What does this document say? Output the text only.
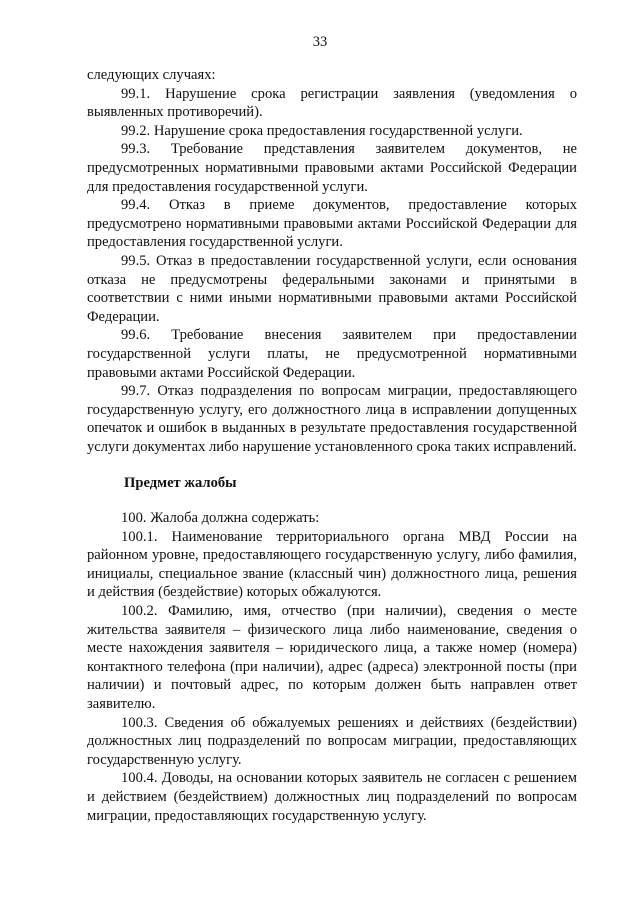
33

следующих случаях:

99.1. Нарушение срока регистрации заявления (уведомления о выявленных противоречий).

99.2. Нарушение срока предоставления государственной услуги.

99.3. Требование представления заявителем документов, не предусмотренных нормативными правовыми актами Российской Федерации для предоставления государственной услуги.

99.4. Отказ в приеме документов, предоставление которых предусмотрено нормативными правовыми актами Российской Федерации для предоставления государственной услуги.

99.5. Отказ в предоставлении государственной услуги, если основания отказа не предусмотрены федеральными законами и принятыми в соответствии с ними иными нормативными правовыми актами Российской Федерации.

99.6. Требование внесения заявителем при предоставлении государственной услуги платы, не предусмотренной нормативными правовыми актами Российской Федерации.

99.7. Отказ подразделения по вопросам миграции, предоставляющего государственную услугу, его должностного лица в исправлении допущенных опечаток и ошибок в выданных в результате предоставления государственной услуги документах либо нарушение установленного срока таких исправлений.

Предмет жалобы

100. Жалоба должна содержать:

100.1. Наименование территориального органа МВД России на районном уровне, предоставляющего государственную услугу, либо фамилия, инициалы, специальное звание (классный чин) должностного лица, решения и действия (бездействие) которых обжалуются.

100.2. Фамилию, имя, отчество (при наличии), сведения о месте жительства заявителя – физического лица либо наименование, сведения о месте нахождения заявителя – юридического лица, а также номер (номера) контактного телефона (при наличии), адрес (адреса) электронной посты (при наличии) и почтовый адрес, по которым должен быть направлен ответ заявителю.

100.3. Сведения об обжалуемых решениях и действиях (бездействии) должностных лиц подразделений по вопросам миграции, предоставляющих государственную услугу.

100.4. Доводы, на основании которых заявитель не согласен с решением и действием (бездействием) должностных лиц подразделений по вопросам миграции, предоставляющих государственную услугу.
